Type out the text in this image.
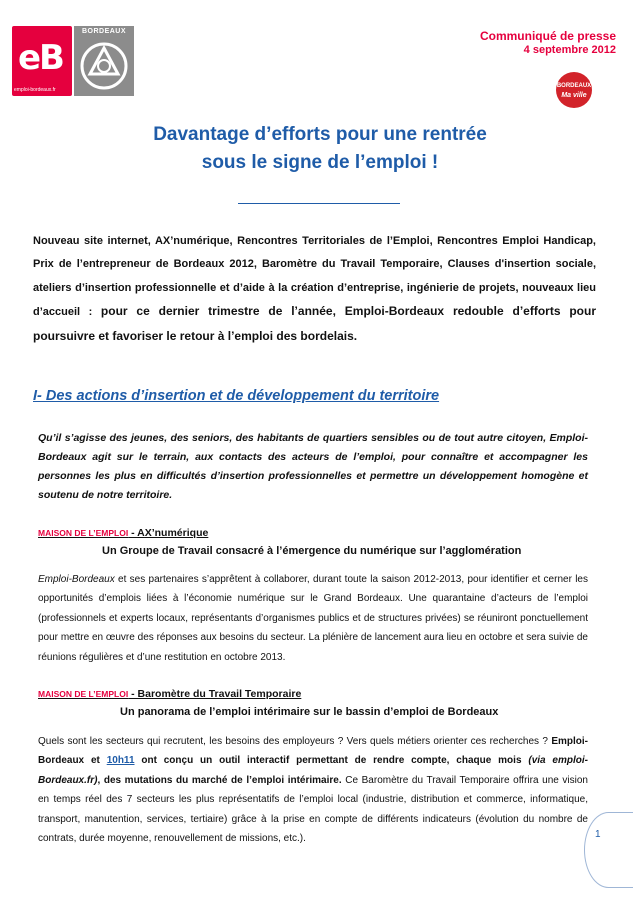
eB
emploi-bordeaux.fr
BORDEAUX	Communiqué de presse
4 septembre 2012
BORDEAUX
Ma ville
Davantage d’efforts pour une rentrée
sous le signe de l’emploi !

Nouveau site internet, AX’numérique, Rencontres Territoriales de l’Emploi, Rencontres Emploi Handicap, Prix de l’entrepreneur de Bordeaux 2012, Baromètre du Travail Temporaire, Clauses d'insertion sociale, ateliers d’insertion professionnelle et d’aide à la création d’entreprise, ingénierie de projets, nouveaux lieu d’accueil : pour ce dernier trimestre de l’année, Emploi-Bordeaux redouble d’efforts pour poursuivre et favoriser le retour à l’emploi des bordelais.

I- Des actions d’insertion et de développement du territoire

Qu’il s’agisse des jeunes, des seniors, des habitants de quartiers sensibles ou de tout autre citoyen, Emploi-Bordeaux agit sur le terrain, aux contacts des acteurs de l’emploi, pour connaître et accompagner les personnes les plus en difficultés d’insertion professionnelles et permettre un développement homogène et soutenu de notre territoire.

MAISON DE L’EMPLOI - AX’numérique

Un Groupe de Travail consacré à l’émergence du numérique sur l’agglomération

Emploi-Bordeaux et ses partenaires s’apprêtent à collaborer, durant toute la saison 2012-2013, pour identifier et cerner les opportunités d’emplois liées à l’économie numérique sur le Grand Bordeaux. Une quarantaine d’acteurs de l’emploi (professionnels et experts locaux, représentants d’organismes publics et de structures privées) se réuniront ponctuellement pour mettre en œuvre des réponses aux besoins du secteur. La plénière de lancement aura lieu en octobre et sera suivie de réunions régulières et d’une restitution en octobre 2013.

MAISON DE L’EMPLOI - Baromètre du Travail Temporaire

Un panorama de l’emploi intérimaire sur le bassin d’emploi de Bordeaux

Quels sont les secteurs qui recrutent, les besoins des employeurs ? Vers quels métiers orienter ces recherches ? Emploi-Bordeaux et 10h11 ont conçu un outil interactif permettant de rendre compte, chaque mois (via emploi-Bordeaux.fr), des mutations du marché de l’emploi intérimaire. Ce Baromètre du Travail Temporaire offrira une vision en temps réel des 7 secteurs les plus représentatifs de l’emploi local (industrie, distribution et commerce, informatique, transport, manutention, services, tertiaire) grâce à la prise en compte de différents indicateurs (évolution du nombre de contrats, durée moyenne, renouvellement de missions, etc.).	1
